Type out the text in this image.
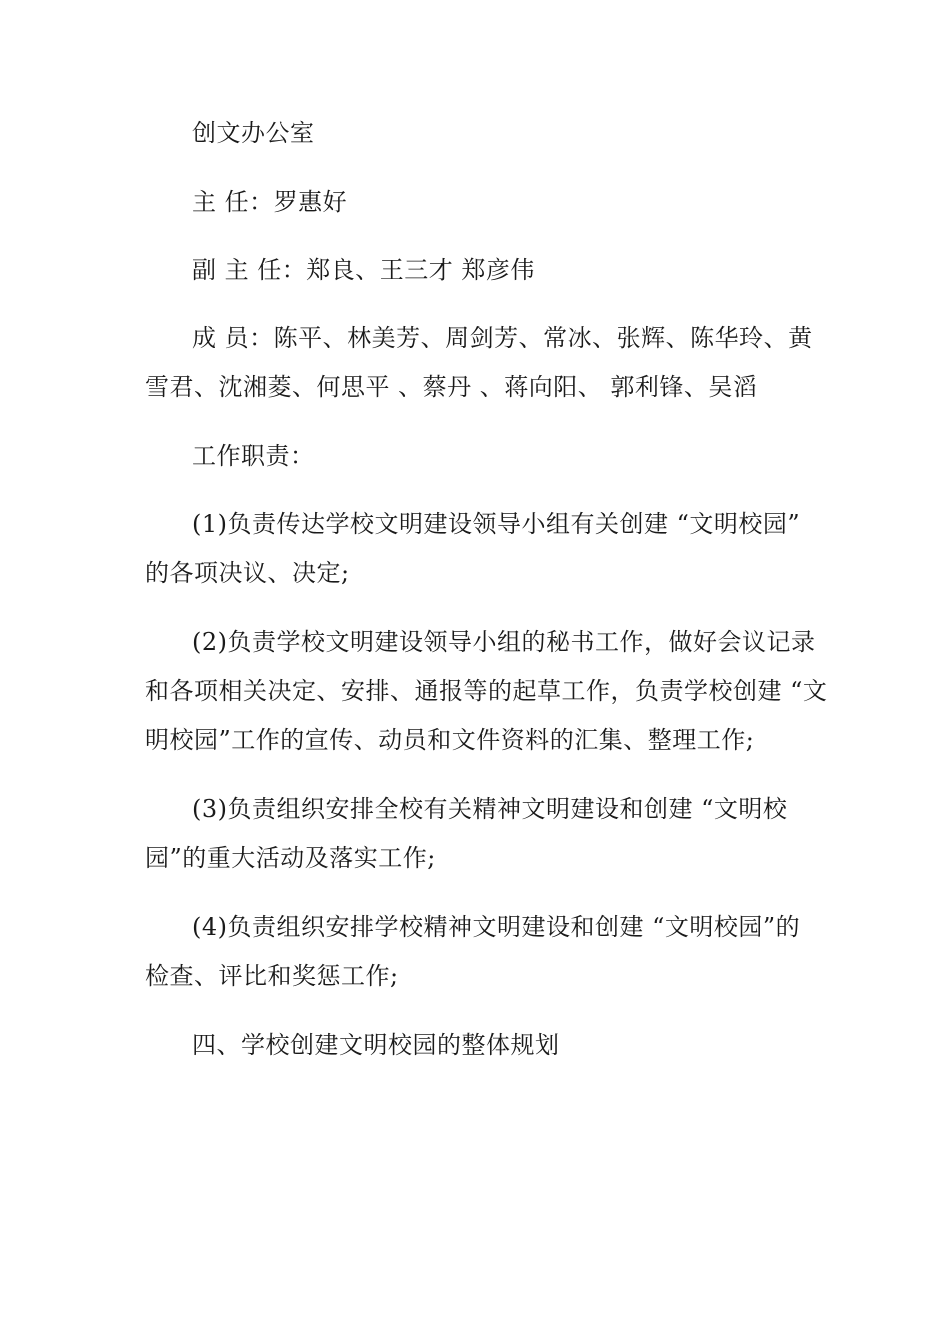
创文办公室
主 任：罗惠好
副 主 任：郑良、王三才 郑彦伟
成 员：陈平、林美芳、周剑芳、常冰、张辉、陈华玲、黄
雪君、沈湘菱、何思平 、蔡丹 、蒋向阳、 郭利锋、吴滔
工作职责：
(1)负责传达学校文明建设领导小组有关创建 “文明校园”
的各项决议、决定;
(2)负责学校文明建设领导小组的秘书工作，做好会议记录
和各项相关决定、安排、通报等的起草工作，负责学校创建 “文
明校园”工作的宣传、动员和文件资料的汇集、整理工作;
(3)负责组织安排全校有关精神文明建设和创建 “文明校
园”的重大活动及落实工作;
(4)负责组织安排学校精神文明建设和创建 “文明校园”的
检查、评比和奖惩工作;
四、学校创建文明校园的整体规划
